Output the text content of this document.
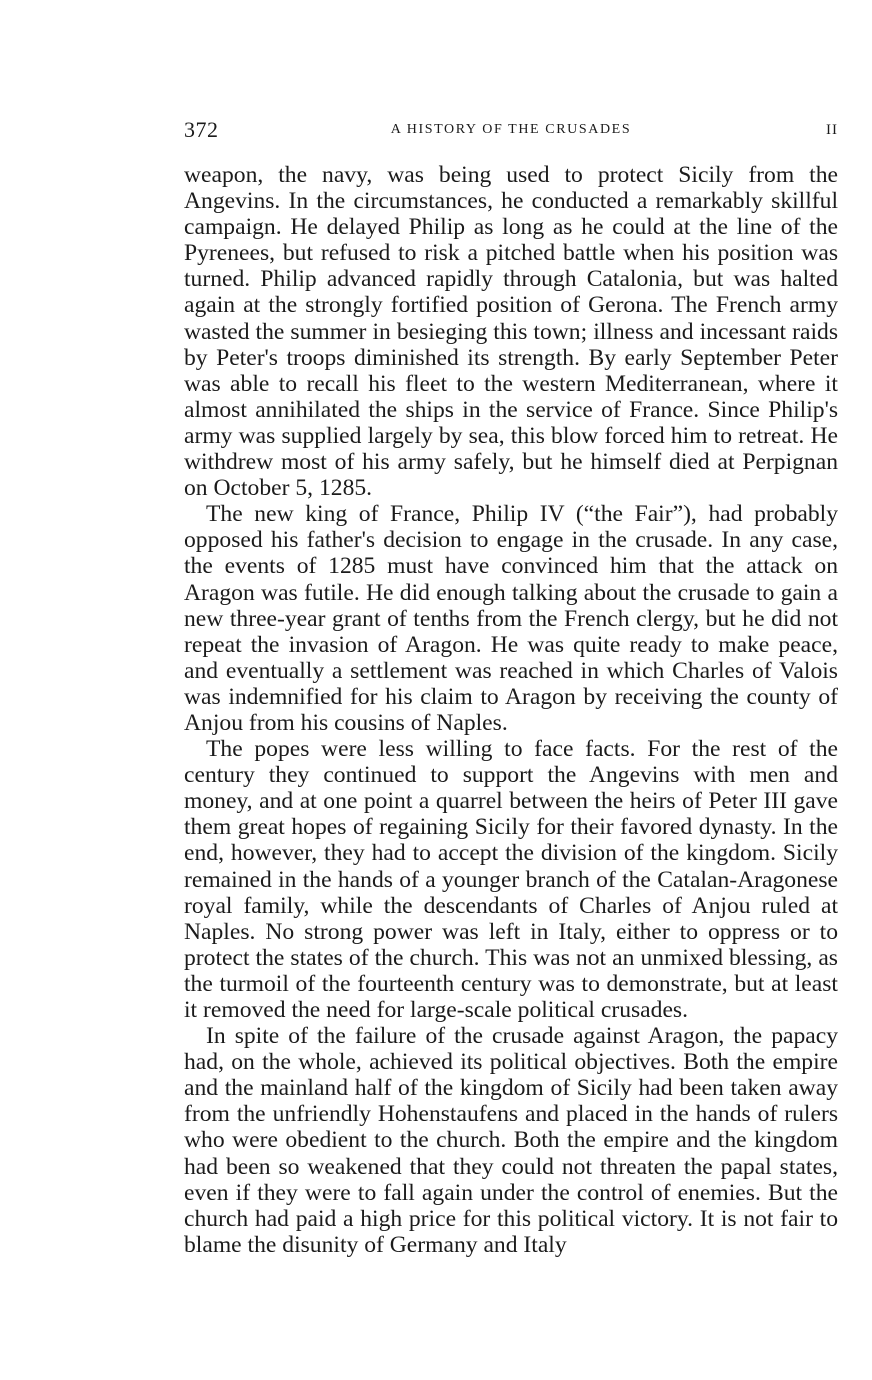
372	A HISTORY OF THE CRUSADES	II

weapon, the navy, was being used to protect Sicily from the Angevins. In the circumstances, he conducted a remarkably skillful campaign. He delayed Philip as long as he could at the line of the Pyrenees, but refused to risk a pitched battle when his position was turned. Philip advanced rapidly through Catalonia, but was halted again at the strongly fortified position of Gerona. The French army wasted the summer in besieging this town; illness and incessant raids by Peter's troops diminished its strength. By early September Peter was able to recall his fleet to the western Mediterranean, where it almost annihilated the ships in the service of France. Since Philip's army was supplied largely by sea, this blow forced him to retreat. He withdrew most of his army safely, but he himself died at Perpignan on October 5, 1285.

The new king of France, Philip IV (“the Fair”), had probably opposed his father's decision to engage in the crusade. In any case, the events of 1285 must have convinced him that the attack on Aragon was futile. He did enough talking about the crusade to gain a new three-year grant of tenths from the French clergy, but he did not repeat the invasion of Aragon. He was quite ready to make peace, and eventually a settlement was reached in which Charles of Valois was indemnified for his claim to Aragon by receiving the county of Anjou from his cousins of Naples.

The popes were less willing to face facts. For the rest of the century they continued to support the Angevins with men and money, and at one point a quarrel between the heirs of Peter III gave them great hopes of regaining Sicily for their favored dynasty. In the end, however, they had to accept the division of the kingdom. Sicily remained in the hands of a younger branch of the Catalan-Aragonese royal family, while the descendants of Charles of Anjou ruled at Naples. No strong power was left in Italy, either to oppress or to protect the states of the church. This was not an unmixed blessing, as the turmoil of the fourteenth century was to demonstrate, but at least it removed the need for large-scale political crusades.

In spite of the failure of the crusade against Aragon, the papacy had, on the whole, achieved its political objectives. Both the empire and the mainland half of the kingdom of Sicily had been taken away from the unfriendly Hohenstaufens and placed in the hands of rulers who were obedient to the church. Both the empire and the kingdom had been so weakened that they could not threaten the papal states, even if they were to fall again under the control of enemies. But the church had paid a high price for this political victory. It is not fair to blame the disunity of Germany and Italy
